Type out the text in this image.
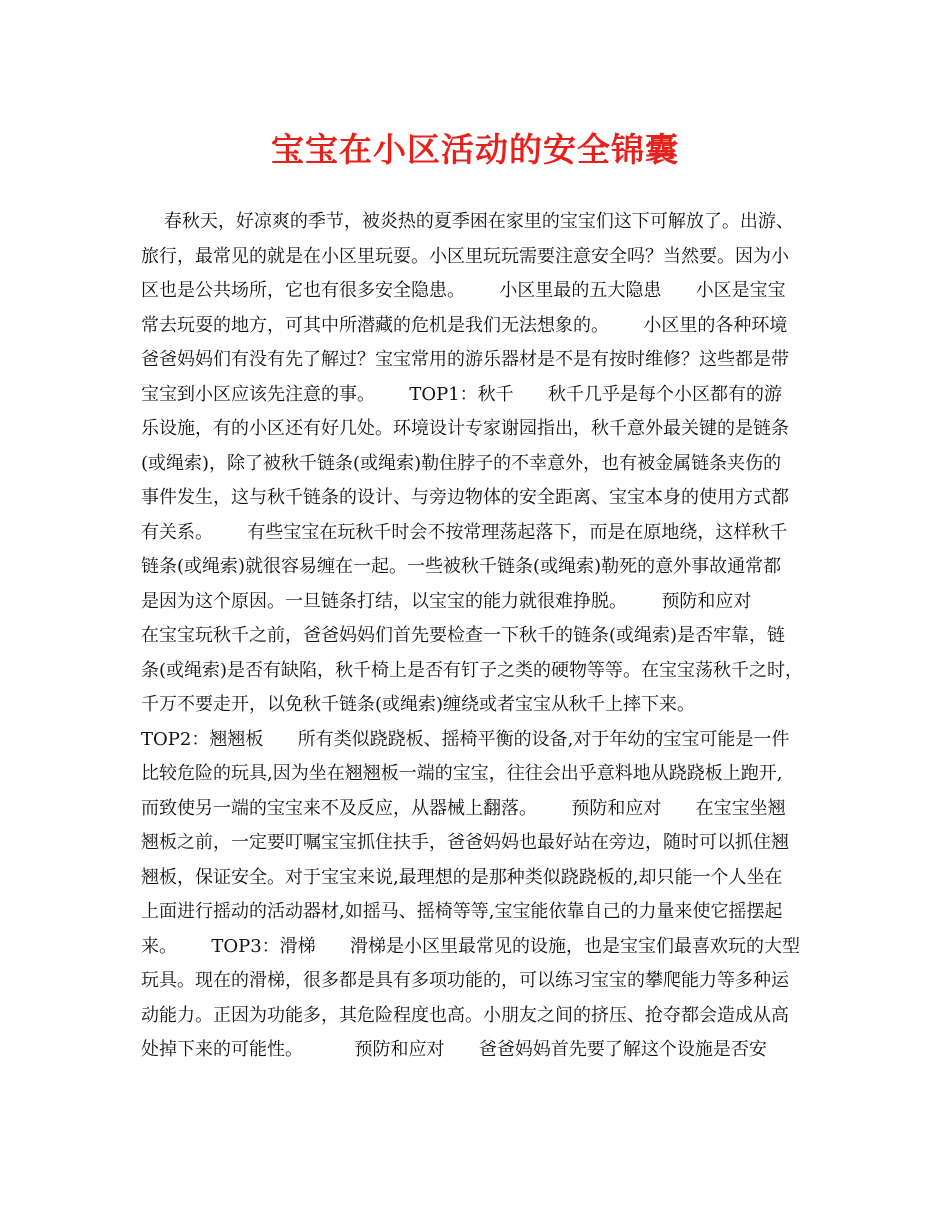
宝宝在小区活动的安全锦囊
春秋天，好凉爽的季节，被炎热的夏季困在家里的宝宝们这下可解放了。出游、
旅行，最常见的就是在小区里玩耍。小区里玩玩需要注意安全吗？当然要。因为小
区也是公共场所，它也有很多安全隐患。      小区里最的五大隐患      小区是宝宝
常去玩耍的地方，可其中所潜藏的危机是我们无法想象的。      小区里的各种环境
爸爸妈妈们有没有先了解过？宝宝常用的游乐器材是不是有按时维修？这些都是带
宝宝到小区应该先注意的事。      TOP1：秋千      秋千几乎是每个小区都有的游
乐设施，有的小区还有好几处。环境设计专家谢园指出，秋千意外最关键的是链条
(或绳索)，除了被秋千链条(或绳索)勒住脖子的不幸意外，也有被金属链条夹伤的
事件发生，这与秋千链条的设计、与旁边物体的安全距离、宝宝本身的使用方式都
有关系。      有些宝宝在玩秋千时会不按常理荡起落下，而是在原地绕，这样秋千
链条(或绳索)就很容易缠在一起。一些被秋千链条(或绳索)勒死的意外事故通常都
是因为这个原因。一旦链条打结，以宝宝的能力就很难挣脱。      预防和应对
在宝宝玩秋千之前，爸爸妈妈们首先要检查一下秋千的链条(或绳索)是否牢靠，链
条(或绳索)是否有缺陷，秋千椅上是否有钉子之类的硬物等等。在宝宝荡秋千之时，
千万不要走开，以免秋千链条(或绳索)缠绕或者宝宝从秋千上摔下来。
TOP2：翘翘板      所有类似跷跷板、摇椅平衡的设备,对于年幼的宝宝可能是一件
比较危险的玩具,因为坐在翘翘板一端的宝宝，往往会出乎意料地从跷跷板上跑开,
而致使另一端的宝宝来不及反应，从器械上翻落。      预防和应对      在宝宝坐翘
翘板之前，一定要叮嘱宝宝抓住扶手，爸爸妈妈也最好站在旁边，随时可以抓住翘
翘板，保证安全。对于宝宝来说,最理想的是那种类似跷跷板的,却只能一个人坐在
上面进行摇动的活动器材,如摇马、摇椅等等,宝宝能依靠自己的力量来使它摇摆起
来。      TOP3：滑梯      滑梯是小区里最常见的设施，也是宝宝们最喜欢玩的大型
玩具。现在的滑梯，很多都是具有多项功能的，可以练习宝宝的攀爬能力等多种运
动能力。正因为功能多，其危险程度也高。小朋友之间的挤压、抢夺都会造成从高
处掉下来的可能性。         预防和应对      爸爸妈妈首先要了解这个设施是否安
